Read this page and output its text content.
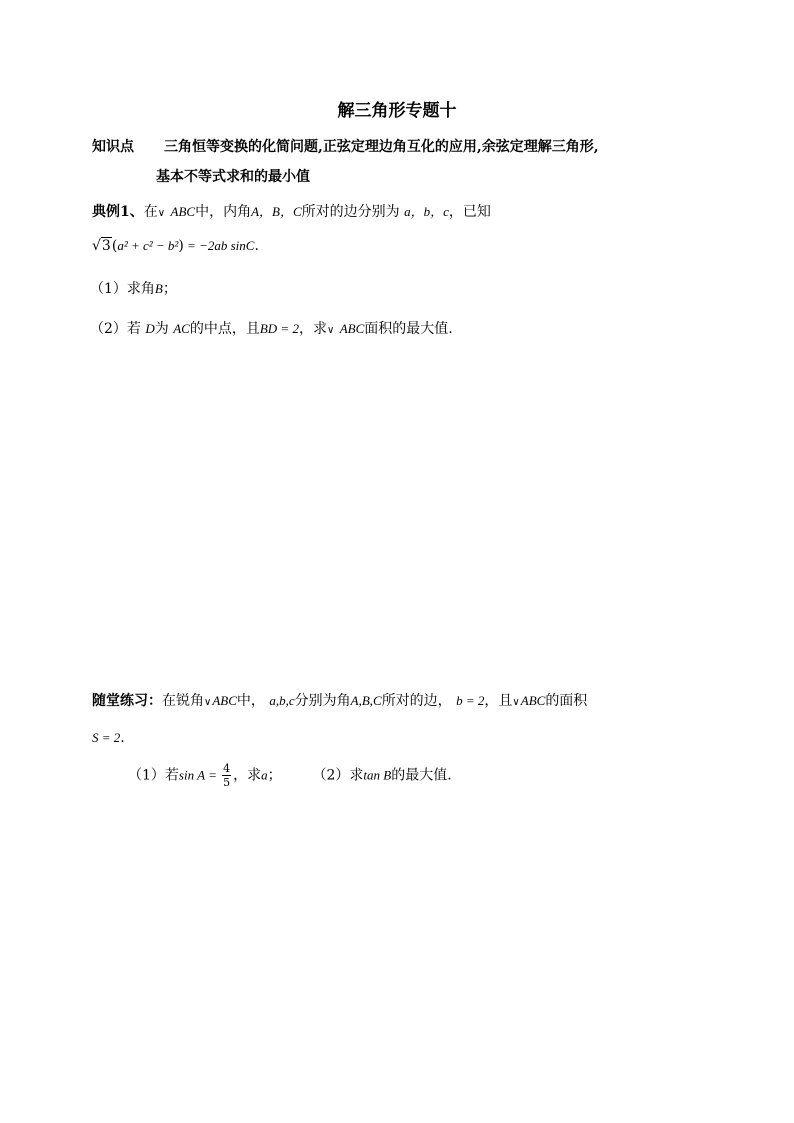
解三角形专题十
知识点 三角恒等变换的化简问题,正弦定理边角互化的应用,余弦定理解三角形,
基本不等式求和的最小值
典例1、在∨ ABC中，内角A，B，C所对的边分别为 a，b，c，已知
√3(a² + c² − b²) = −2ab sinC.
（1）求角B；
（2）若 D为 AC的中点，且BD = 2，求∨ ABC面积的最大值.
随堂练习：在锐角∨ABC中， a,b,c分别为角A,B,C所对的边， b = 2，且∨ABC的面积
S = 2.
（1）若$\sin A = \frac{4}{5}$ ，求a； （2）求tan B的最大值.
